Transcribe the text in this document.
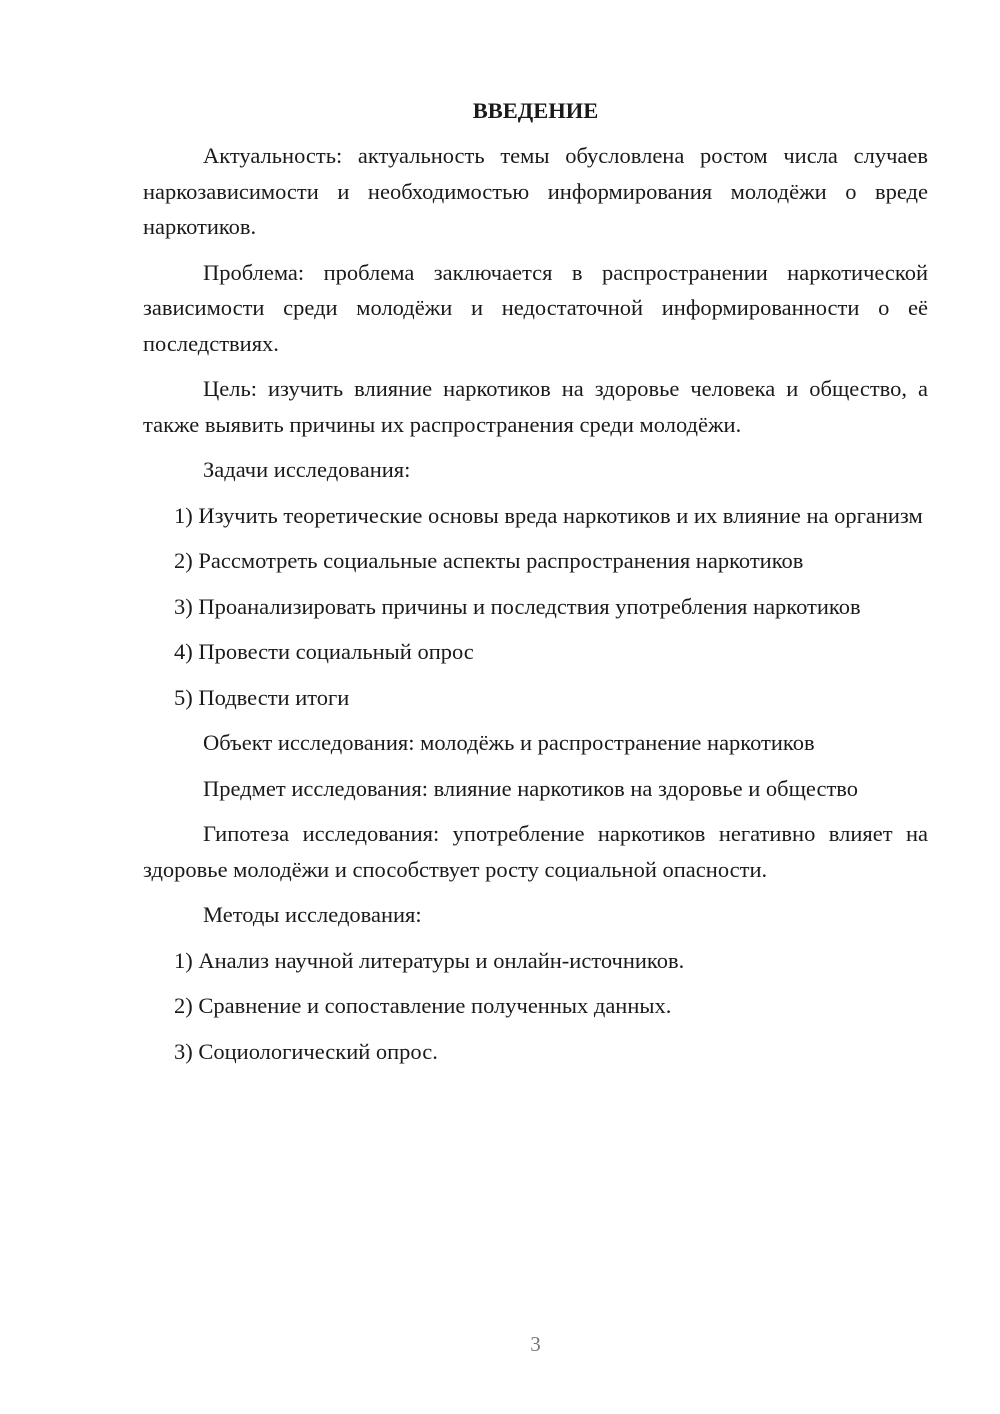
ВВЕДЕНИЕ

Актуальность: актуальность темы обусловлена ростом числа случаев наркозависимости и необходимостью информирования молодёжи о вреде наркотиков.

Проблема: проблема заключается в распространении наркотической зависимости среди молодёжи и недостаточной информированности о её последствиях.

Цель: изучить влияние наркотиков на здоровье человека и общество, а также выявить причины их распространения среди молодёжи.

Задачи исследования:

1) Изучить теоретические основы вреда наркотиков и их влияние на организм

2) Рассмотреть социальные аспекты распространения наркотиков

3) Проанализировать причины и последствия употребления наркотиков

4) Провести социальный опрос

5) Подвести итоги

Объект исследования: молодёжь и распространение наркотиков

Предмет исследования: влияние наркотиков на здоровье и общество

Гипотеза исследования: употребление наркотиков негативно влияет на здоровье молодёжи и способствует росту социальной опасности.

Методы исследования:

1) Анализ научной литературы и онлайн-источников.

2) Сравнение и сопоставление полученных данных.

3) Социологический опрос.

3
